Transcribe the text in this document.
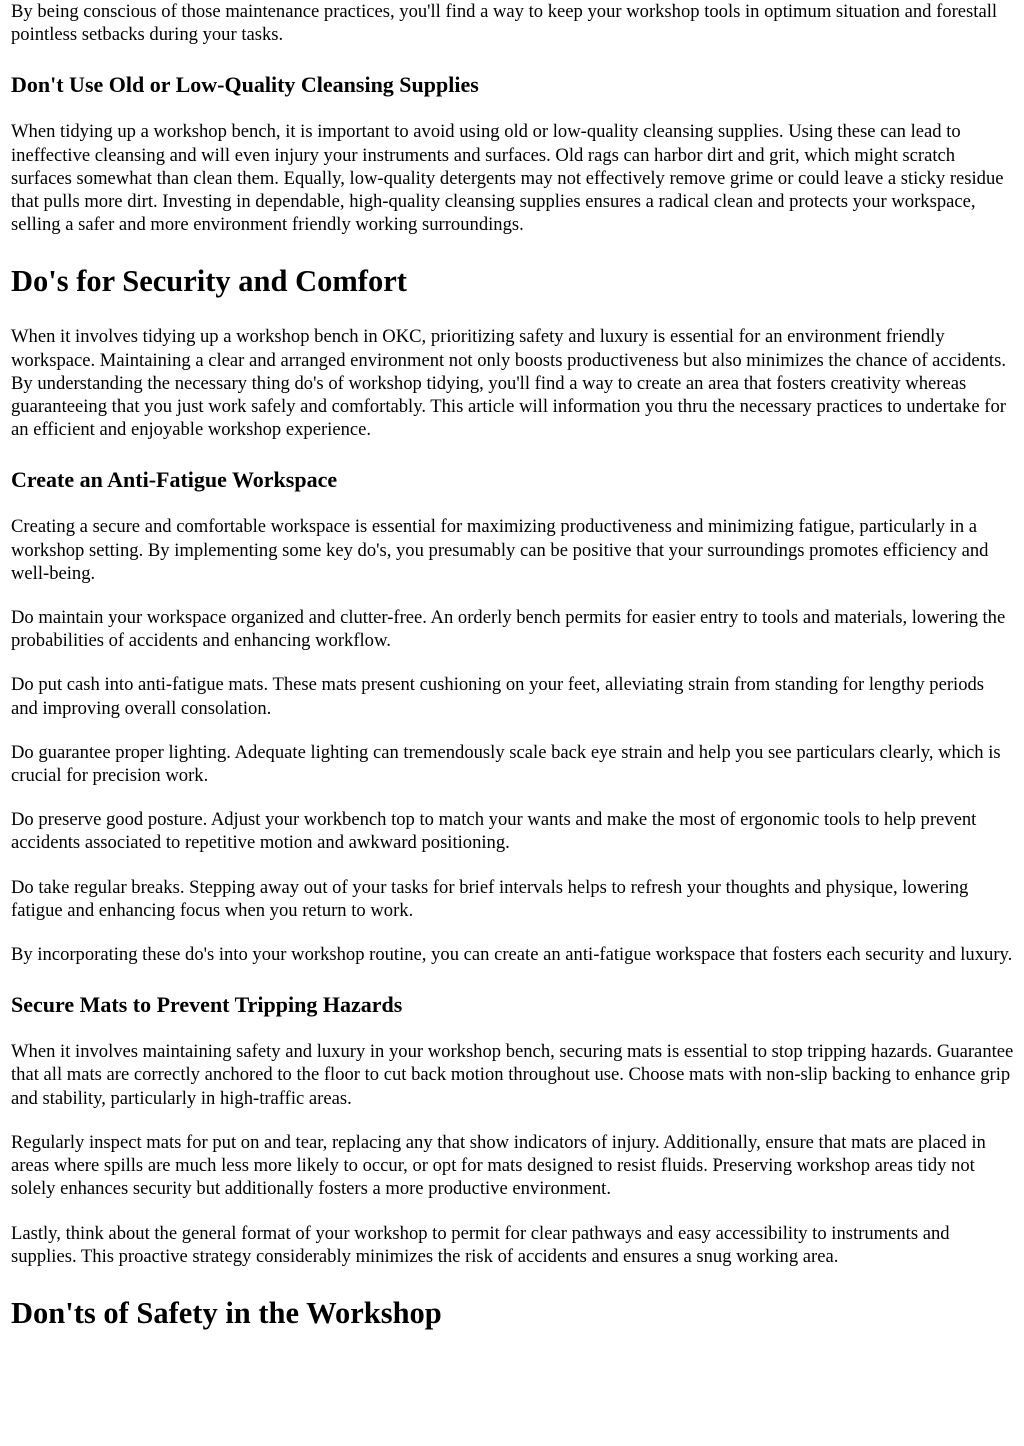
By being conscious of those maintenance practices, you'll find a way to keep your workshop tools in optimum situation and forestall pointless setbacks during your tasks.

Don't Use Old or Low-Quality Cleansing Supplies

When tidying up a workshop bench, it is important to avoid using old or low-quality cleansing supplies. Using these can lead to ineffective cleansing and will even injury your instruments and surfaces. Old rags can harbor dirt and grit, which might scratch surfaces somewhat than clean them. Equally, low-quality detergents may not effectively remove grime or could leave a sticky residue that pulls more dirt. Investing in dependable, high-quality cleansing supplies ensures a radical clean and protects your workspace, selling a safer and more environment friendly working surroundings.

Do's for Security and Comfort

When it involves tidying up a workshop bench in OKC, prioritizing safety and luxury is essential for an environment friendly workspace. Maintaining a clear and arranged environment not only boosts productiveness but also minimizes the chance of accidents. By understanding the necessary thing do's of workshop tidying, you'll find a way to create an area that fosters creativity whereas guaranteeing that you just work safely and comfortably. This article will information you thru the necessary practices to undertake for an efficient and enjoyable workshop experience.

Create an Anti-Fatigue Workspace

Creating a secure and comfortable workspace is essential for maximizing productiveness and minimizing fatigue, particularly in a workshop setting. By implementing some key do's, you presumably can be positive that your surroundings promotes efficiency and well-being.

Do maintain your workspace organized and clutter-free. An orderly bench permits for easier entry to tools and materials, lowering the probabilities of accidents and enhancing workflow.

Do put cash into anti-fatigue mats. These mats present cushioning on your feet, alleviating strain from standing for lengthy periods and improving overall consolation.

Do guarantee proper lighting. Adequate lighting can tremendously scale back eye strain and help you see particulars clearly, which is crucial for precision work.

Do preserve good posture. Adjust your workbench top to match your wants and make the most of ergonomic tools to help prevent accidents associated to repetitive motion and awkward positioning.

Do take regular breaks. Stepping away out of your tasks for brief intervals helps to refresh your thoughts and physique, lowering fatigue and enhancing focus when you return to work.

By incorporating these do's into your workshop routine, you can create an anti-fatigue workspace that fosters each security and luxury.

Secure Mats to Prevent Tripping Hazards

When it involves maintaining safety and luxury in your workshop bench, securing mats is essential to stop tripping hazards. Guarantee that all mats are correctly anchored to the floor to cut back motion throughout use. Choose mats with non-slip backing to enhance grip and stability, particularly in high-traffic areas.

Regularly inspect mats for put on and tear, replacing any that show indicators of injury. Additionally, ensure that mats are placed in areas where spills are much less more likely to occur, or opt for mats designed to resist fluids. Preserving workshop areas tidy not solely enhances security but additionally fosters a more productive environment.

Lastly, think about the general format of your workshop to permit for clear pathways and easy accessibility to instruments and supplies. This proactive strategy considerably minimizes the risk of accidents and ensures a snug working area.

Don'ts of Safety in the Workshop
